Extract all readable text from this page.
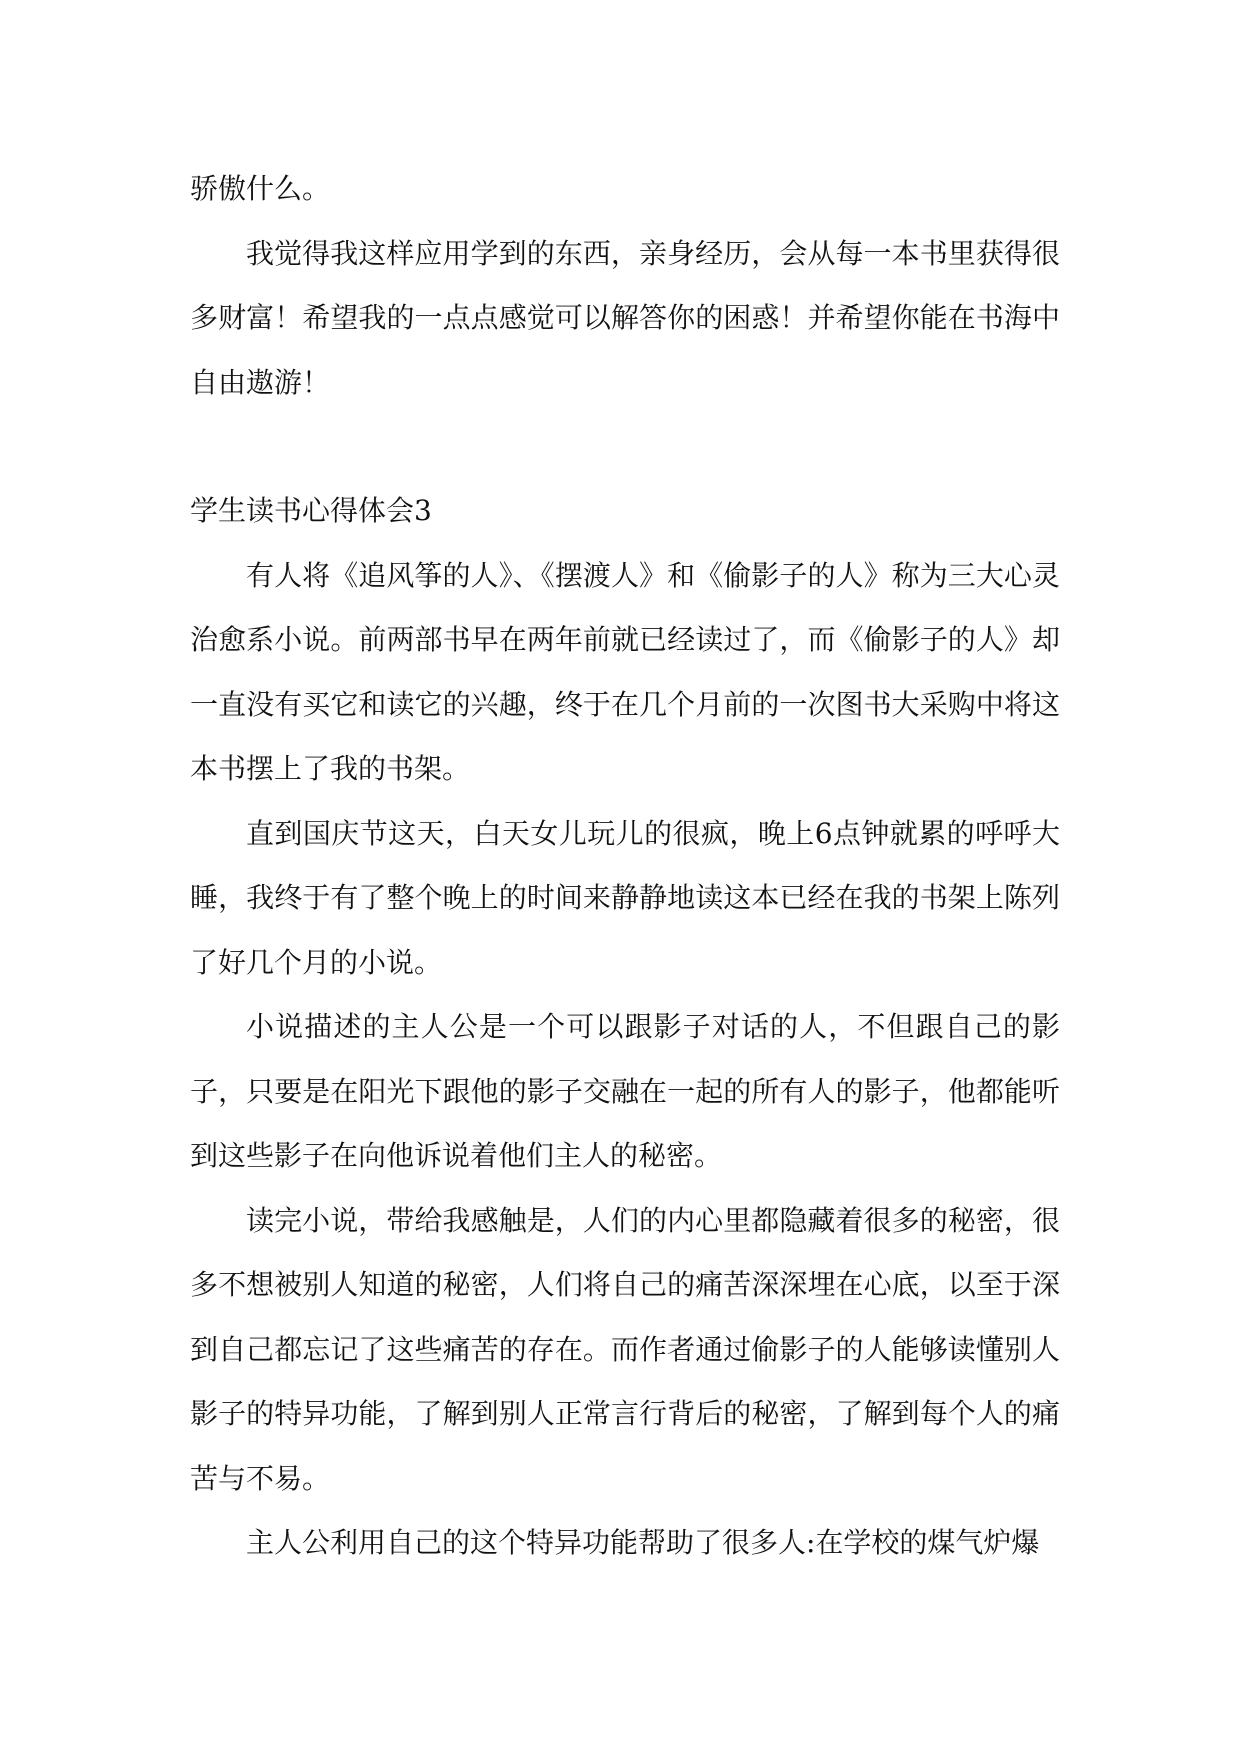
骄傲什么。

我觉得我这样应用学到的东西，亲身经历，会从每一本书里获得很多财富！希望我的一点点感觉可以解答你的困惑！并希望你能在书海中自由遨游！

学生读书心得体会3

有人将《追风筝的人》、《摆渡人》和《偷影子的人》称为三大心灵治愈系小说。前两部书早在两年前就已经读过了，而《偷影子的人》却一直没有买它和读它的兴趣，终于在几个月前的一次图书大采购中将这本书摆上了我的书架。

直到国庆节这天，白天女儿玩儿的很疯，晚上6点钟就累的呼呼大睡，我终于有了整个晚上的时间来静静地读这本已经在我的书架上陈列了好几个月的小说。

小说描述的主人公是一个可以跟影子对话的人，不但跟自己的影子，只要是在阳光下跟他的影子交融在一起的所有人的影子，他都能听到这些影子在向他诉说着他们主人的秘密。

读完小说，带给我感触是，人们的内心里都隐藏着很多的秘密，很多不想被别人知道的秘密，人们将自己的痛苦深深埋在心底，以至于深到自己都忘记了这些痛苦的存在。而作者通过偷影子的人能够读懂别人影子的特异功能，了解到别人正常言行背后的秘密，了解到每个人的痛苦与不易。

主人公利用自己的这个特异功能帮助了很多人:在学校的煤气炉爆
